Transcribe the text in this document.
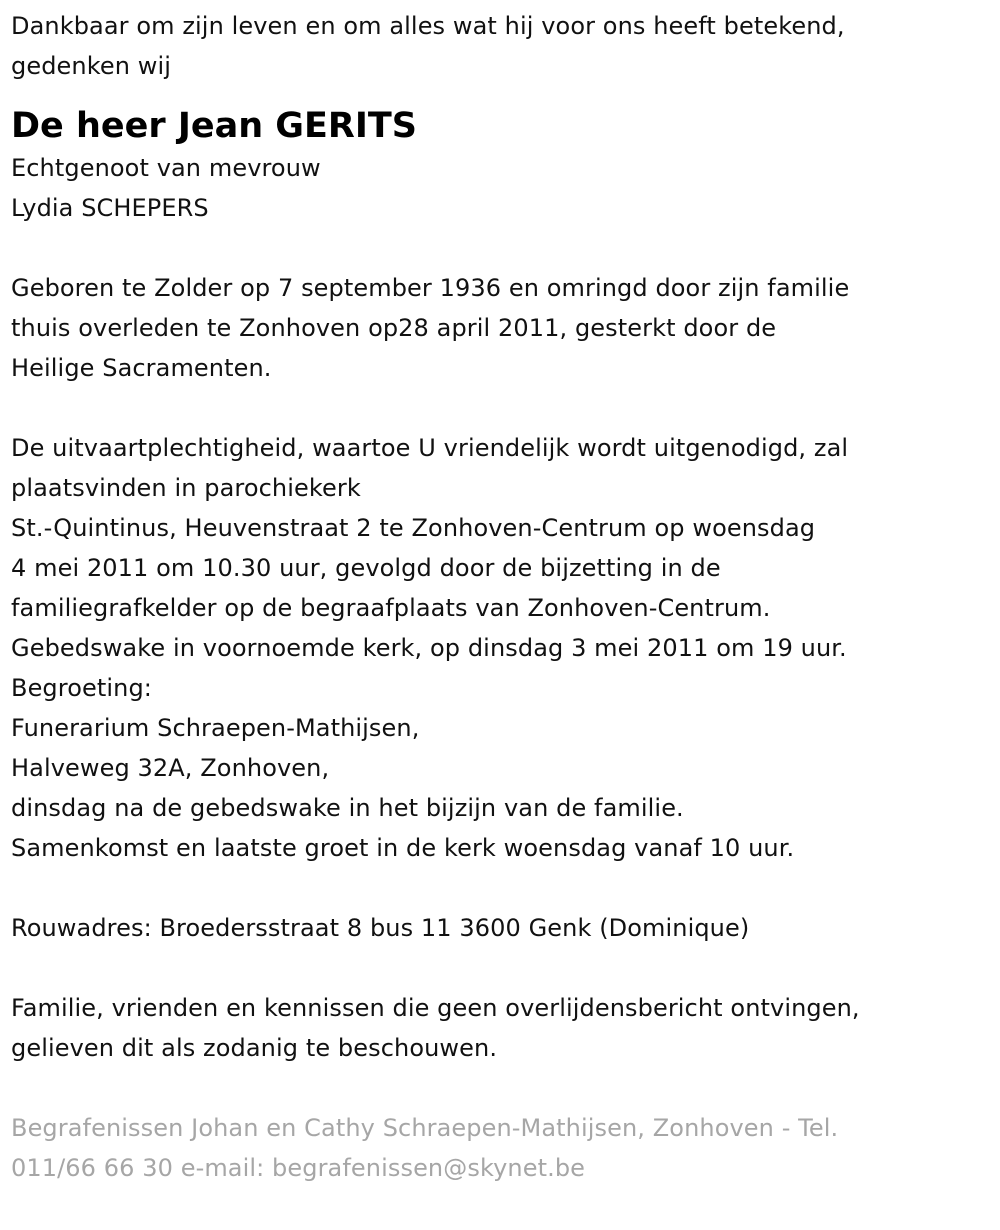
Dankbaar om zijn leven en om alles wat hij voor ons heeft betekend,
gedenken wij
De heer Jean GERITS
Echtgenoot van mevrouw
Lydia SCHEPERS
Geboren te Zolder op 7 september 1936 en omringd door zijn familie
thuis overleden te Zonhoven op28 april 2011, gesterkt door de
Heilige Sacramenten.
De uitvaartplechtigheid, waartoe U vriendelijk wordt uitgenodigd, zal
plaatsvinden in parochiekerk
St.-Quintinus, Heuvenstraat 2 te Zonhoven-Centrum op woensdag
4 mei 2011 om 10.30 uur, gevolgd door de bijzetting in de
familiegrafkelder op de begraafplaats van Zonhoven-Centrum.
Gebedswake in voornoemde kerk, op dinsdag 3 mei 2011 om 19 uur.
Begroeting:
Funerarium Schraepen-Mathijsen,
Halveweg 32A, Zonhoven,
dinsdag na de gebedswake in het bijzijn van de familie.
Samenkomst en laatste groet in de kerk woensdag vanaf 10 uur.
Rouwadres: Broedersstraat 8 bus 11 3600 Genk (Dominique)
Familie, vrienden en kennissen die geen overlijdensbericht ontvingen,
gelieven dit als zodanig te beschouwen.
Begrafenissen Johan en Cathy Schraepen-Mathijsen, Zonhoven - Tel.
011/66 66 30 e-mail: begrafenissen@skynet.be
